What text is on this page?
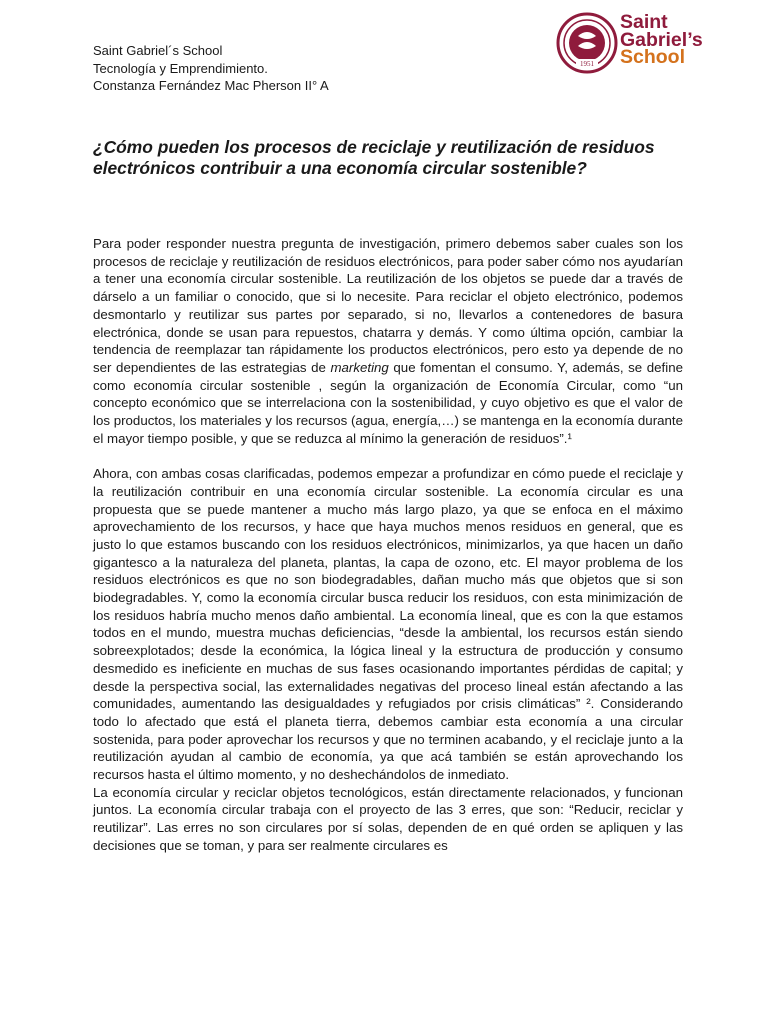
Saint Gabriel´s School
Tecnología y Emprendimiento.
Constanza Fernández Mac Pherson II° A
1951
Saint
Gabriel’s
School
¿Cómo pueden los procesos de reciclaje y reutilización de residuos electrónicos contribuir a una economía circular sostenible?

Para poder responder nuestra pregunta de investigación, primero debemos saber cuales son los procesos de reciclaje y reutilización de residuos electrónicos, para poder saber cómo nos ayudarían a tener una economía circular sostenible. La reutilización de los objetos se puede dar a través de dárselo a un familiar o conocido, que si lo necesite. Para reciclar el objeto electrónico, podemos desmontarlo y reutilizar sus partes por separado, si no, llevarlos a contenedores de basura electrónica, donde se usan para repuestos, chatarra y demás. Y como última opción, cambiar la tendencia de reemplazar tan rápidamente los productos electrónicos, pero esto ya depende de no ser dependientes de las estrategias de marketing que fomentan el consumo. Y, además, se define como economía circular sostenible , según la organización de Economía Circular, como “un concepto económico que se interrelaciona con la sostenibilidad, y cuyo objetivo es que el valor de los productos, los materiales y los recursos (agua, energía,…) se mantenga en la economía durante el mayor tiempo posible, y que se reduzca al mínimo la generación de residuos”.¹

Ahora, con ambas cosas clarificadas, podemos empezar a profundizar en cómo puede el reciclaje y la reutilización contribuir en una economía circular sostenible. La economía circular es una propuesta que se puede mantener a mucho más largo plazo, ya que se enfoca en el máximo aprovechamiento de los recursos, y hace que haya muchos menos residuos en general, que es justo lo que estamos buscando con los residuos electrónicos, minimizarlos, ya que hacen un daño gigantesco a la naturaleza del planeta, plantas, la capa de ozono, etc. El mayor problema de los residuos electrónicos es que no son biodegradables, dañan mucho más que objetos que si son biodegradables. Y, como la economía circular busca reducir los residuos, con esta minimización de los residuos habría mucho menos daño ambiental. La economía lineal, que es con la que estamos todos en el mundo, muestra muchas deficiencias, “desde la ambiental, los recursos están siendo sobreexplotados; desde la económica, la lógica lineal y la estructura de producción y consumo desmedido es ineficiente en muchas de sus fases ocasionando importantes pérdidas de capital; y desde la perspectiva social, las externalidades negativas del proceso lineal están afectando a las comunidades, aumentando las desigualdades y refugiados por crisis climáticas” ². Considerando todo lo afectado que está el planeta tierra, debemos cambiar esta economía a una circular sostenida, para poder aprovechar los recursos y que no terminen acabando, y el reciclaje junto a la reutilización ayudan al cambio de economía, ya que acá también se están aprovechando los recursos hasta el último momento, y no deshechándolos de inmediato.

La economía circular y reciclar objetos tecnológicos, están directamente relacionados, y funcionan juntos. La economía circular trabaja con el proyecto de las 3 erres, que son: “Reducir, reciclar y reutilizar”. Las erres no son circulares por sí solas, dependen de en qué orden se apliquen y las decisiones que se toman, y para ser realmente circulares es
